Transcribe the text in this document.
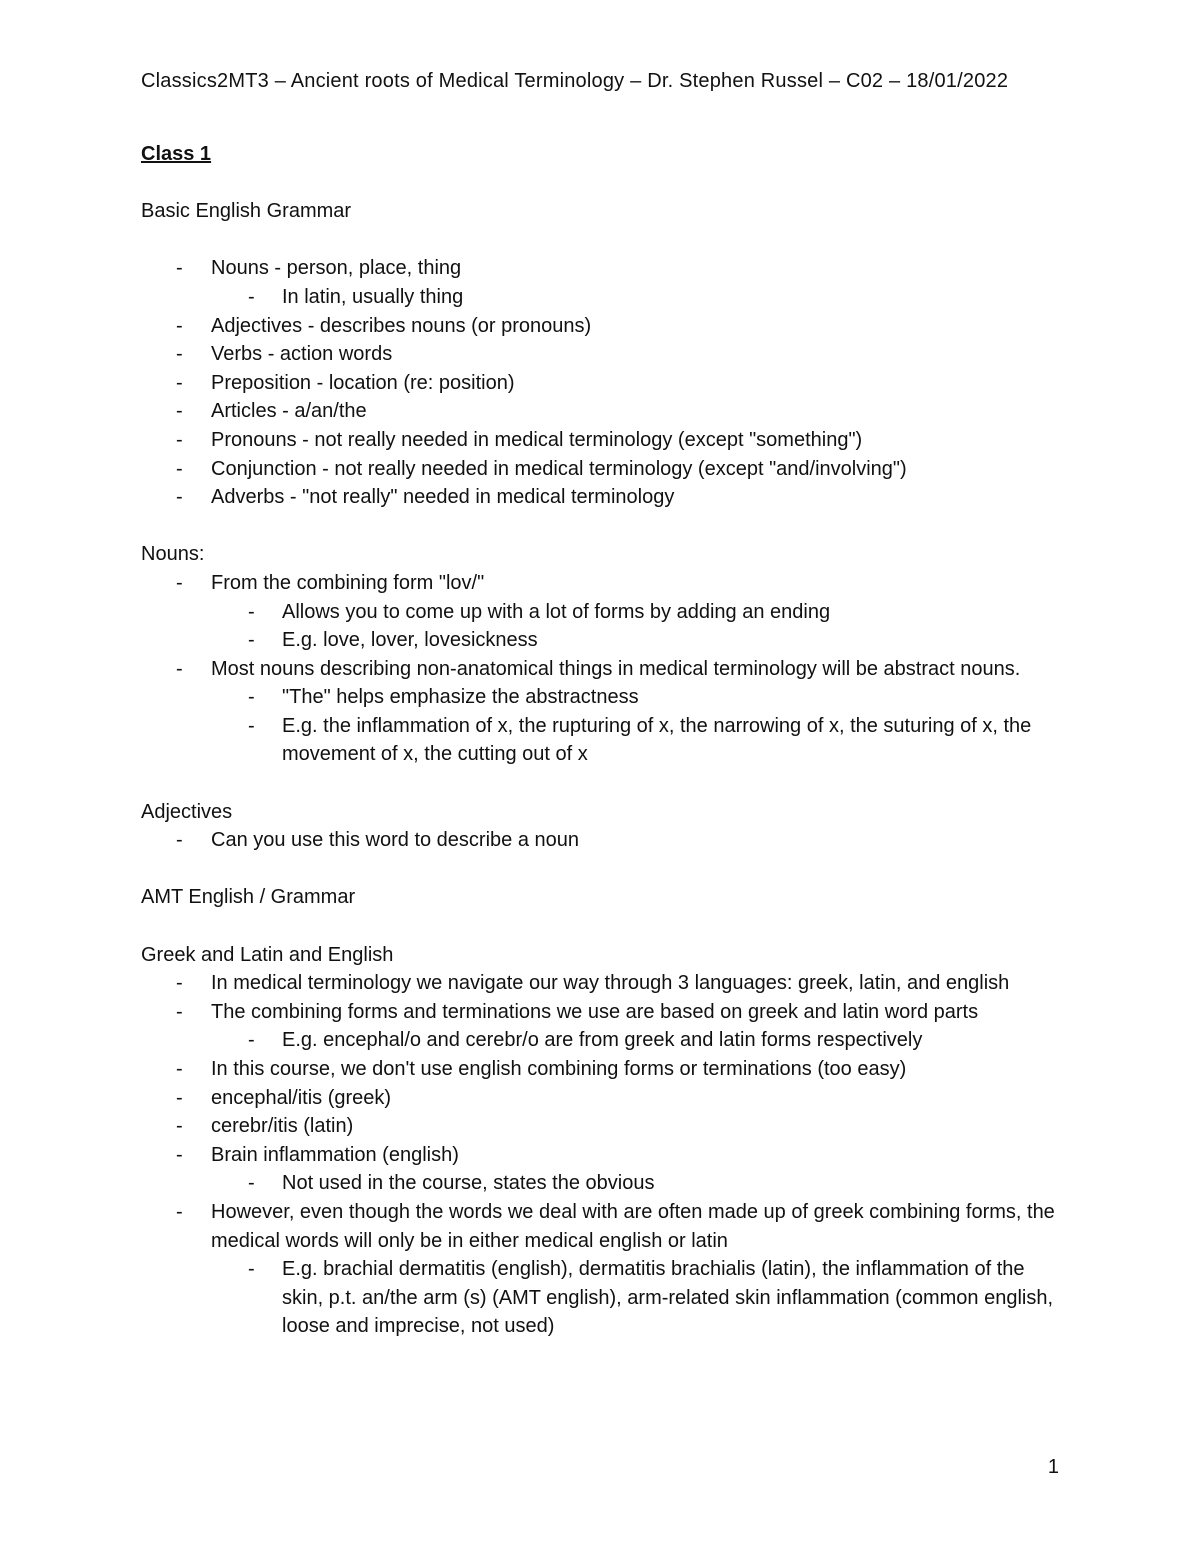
Classics2MT3 – Ancient roots of Medical Terminology – Dr. Stephen Russel – C02 – 18/01/2022

Class 1

Basic English Grammar

- Nouns - person, place, thing
- In latin, usually thing
- Adjectives - describes nouns (or pronouns)
- Verbs - action words
- Preposition - location (re: position)
- Articles - a/an/the
- Pronouns - not really needed in medical terminology (except "something")
- Conjunction - not really needed in medical terminology (except "and/involving")
- Adverbs - "not really" needed in medical terminology

Nouns:

- From the combining form "lov/"
- Allows you to come up with a lot of forms by adding an ending
- E.g. love, lover, lovesickness
- Most nouns describing non-anatomical things in medical terminology will be abstract nouns.
- "The" helps emphasize the abstractness
- E.g. the inflammation of x, the rupturing of x, the narrowing of x, the suturing of x, the movement of x, the cutting out of x

Adjectives

- Can you use this word to describe a noun

AMT English / Grammar

Greek and Latin and English

- In medical terminology we navigate our way through 3 languages: greek, latin, and english
- The combining forms and terminations we use are based on greek and latin word parts
- E.g. encephal/o and cerebr/o are from greek and latin forms respectively
- In this course, we don't use english combining forms or terminations (too easy)
- encephal/itis (greek)
- cerebr/itis (latin)
- Brain inflammation (english)
- Not used in the course, states the obvious
- However, even though the words we deal with are often made up of greek combining forms, the medical words will only be in either medical english or latin
- E.g. brachial dermatitis (english), dermatitis brachialis (latin), the inflammation of the skin, p.t. an/the arm (s) (AMT english), arm-related skin inflammation (common english, loose and imprecise, not used)
1
